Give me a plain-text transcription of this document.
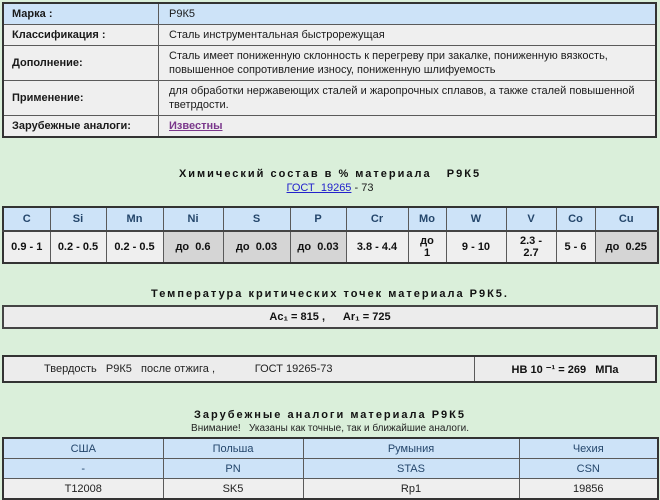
Марка :	Р9К5
Классификация :	Сталь инструментальная быстрорежущая
Дополнение:	Сталь имеет пониженную склонность к перегреву при закалке, пониженную вязкость, повышенное сопротивление износу, пониженную шлифуемость
Применение:	для обработки нержавеющих сталей и жаропрочных сплавов, а также сталей повышенной тветрдости.
Зарубежные аналоги:	Известны
Химический состав в % материала   Р9К5
ГОСТ  19265 - 73
C	Si	Mn	Ni	S	P	Cr	Mo	W	V	Co	Cu
0.9 - 1	0.2 - 0.5	0.2 - 0.5	до  0.6	до  0.03	до  0.03	3.8 - 4.4	до  1	9 - 10	2.3 - 2.7	5 - 6	до  0.25
Температура критических точек материала Р9К5.
Ac₁ = 815 ,      Ar₁ = 725
Твердость   Р9К5   после отжига ,             ГОСТ 19265-73	НВ 10 ⁻¹ = 269   МПа
Зарубежные аналоги материала Р9К5
Внимание!   Указаны как точные, так и ближайшие аналоги.
США	Польша	Румыния	Чехия
-	PN	STAS	CSN
Т12008	SK5	Rp1	19856
